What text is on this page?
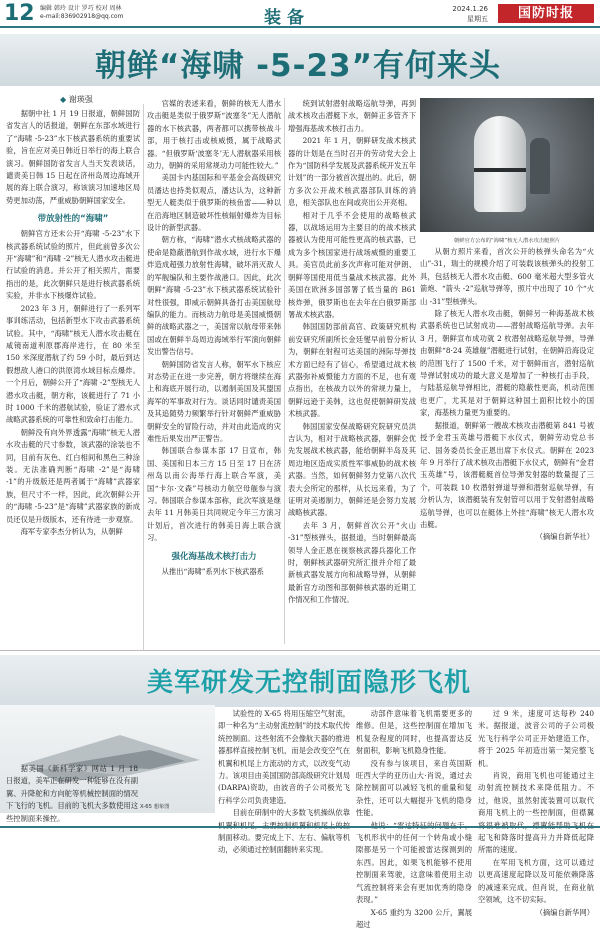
12 编辑 韩玲 设计 罗巧 校对 周林
e-mail:836902918@qq.com	装备	2024.1.26
星期五	国防时报
朝鲜“海啸 -5-23”有何来头
◆ 谢瑛强

据朝中社 1 月 19 日报道，朝鲜国防省发言人的话报道，朝鲜在东部水域进行了“海啸 -5-23”水下核武器系统的重要试验，旨在应对美日韩近日举行的海上联合演习。朝鲜国防省发言人当天发表谈话，谴责美日韩 15 日起在济州岛周边海域开展的海上联合演习，称该演习加速地区局势更加动荡，严重威胁朝鲜国家安全。

带放射性的“海啸”

朝鲜官方还未公开“海啸 -5-23”水下核武器系统试验的照片，但此前曾多次公开“海啸”和“海啸 -2”核无人潜水攻击艇进行试验的消息。并公开了相关照片，需要指出的是，此次朝鲜只是进行核武器系统实验，并非水下核爆炸试验。

2023 年 3 月，朝鲜进行了一系列军事训练活动，包括新型水下攻击武器系统试验。其中，“海啸”核无人潜水攻击艇在咸镜南道利原郡海岸进行，在 80 米至 150 米深度潜航了约 59 小时，最后到达假想敌人港口的洪原湾水域目标点爆炸。一个月后，朝鲜公开了“海啸 -2”型核无人潜水攻击艇，朝方称，该艇进行了 71 小时 1000 千米的潜航试验，验证了潜水式战略武器系统的可靠性和致命打击能力。

朝鲜没有向外界透露“海啸”核无人潜水攻击艇的尺寸参数，该武器的涂装也不同，目前有灰色、红白相间和黑色三种涂装。无法准确判断“海啸 -2”是“海啸 -1”的升级版还是两者属于“海啸”武器家族，但尺寸不一样，因此，此次朝鲜公开的“海啸 -5-23”是“海啸”武器家族的新成员还仅是升级版本，还有待进一步观察。

海军专家李杰分析认为，从朝鲜

官媒的表述来看，朝鲜的核无人潜水攻击艇是类似于俄罗斯“波塞冬”无人潜航器的水下核武器，两者都可以携带核战斗部，用于核打击或核威慑，属于战略武器。“但俄罗斯‘波塞冬’无人潜航器采用核动力，朝鲜的采用常规动力可能性较大。”

美国卡内基国际和平基金会高级研究员潘达也持类似观点，潘达认为，这种新型无人艇类似于俄罗斯的核鱼雷——种以在沿海地区制造破坏性核辐射爆炸为目标设计的新型武器。

朝方称，“海啸”潜水式核战略武器的使命是隐蔽潜航到作战水域，进行水下爆炸造成超强力放射性海啸，破坏消灭敌人的军舰编队和主要作战港口。因此，此次朝鲜“海啸 -5-23”水下核武器系统试验针对性很强，即威示朝鲜具备打击美国航母编队的能力。而核动力航母是美国威慑朝鲜的战略武器之一，美国常以航母带来韩国或在朝鲜半岛周边海域举行军演向朝鲜发出警告信号。

朝鲜国防省发言人称，朝军水下核应对态势正在进一步完善，朝方将继续在海上和海底开展行动，以遏制美国及其盟国海军的军事敌对行为。谈话同时谴责美国及其追随势力频繁举行针对朝鲜严重威胁朝鲜安全的冒险行动，并对由此造成的灾难性后果发出严正警告。

韩国联合参谋本部 17 日宣布，韩国、美国和日本三方 15 日至 17 日在济州岛以南公海举行海上联合军演，美国“卡尔·文森”号核动力航空母舰参与演习。韩国联合参谋本部称，此次军演是继去年 11 月韩美日共同规定今年三方演习计划后，首次进行的韩美日海上联合演习。

强化海基战术核打击力

从推出“海啸”系列水下核武器系

统到试射潜射战略巡航导弹，再到战术核攻击潜艇下水，朝鲜正多管齐下增强海基战术核打击力。

2021 年 1 月，朝鲜研发战术核武器的计划是在当时召开的劳动党大会上作为“国防科学发展及武器系统开发五年计划”的一部分被首次提出的。此后，朝方多次公开战术核武器部队训练的消息，相关部队也在间或亮出公开亮相。

相对于几乎不会使用的战略核武器，以战场运用为主要目的的战术核武器被认为使用可能性更高的核武器，已成为多个核国家进行战场威慑的重要工具。美官员此前多次声称可能对伊朗、朝鲜等国使用低当量战术核武器。此外美国在欧洲多国部署了低当量的 B61 核炸弹，俄罗斯也在去年在白俄罗斯部署战术核武器。

韩国国防部前高官、政策研究机构前安研究所副所长金廷燮早前曾分析认为，朝鲜在射程可达美国的洲际导弹技术方面已经有了信心，希望通过战术核武器弥补威慑能力方面的不足，也有观点指出，在核战力以外的常规力量上，朝鲜远逊于美韩，这也促使朝鲜研发战术核武器。

韩国国家安保战略研究院研究员洪吉认为，相对于战略核武器，朝鲜会优先发展战术核武器，能给朝鲜半岛及其周边地区造成实质性军事威胁的战术核武器。当然，如何朝鲜努力党第八次代表大会所定的那样，从长远来看，为了证明对美遏制力，朝鲜还是会努力发展战略核武器。

去年 3 月，朝鲜首次公开“火山 -31”型核弹头，据报道，当时朝鲜最高领导人金正恩在视察核武器兵器化工作时，朝鲜核武器研究所汇报并介绍了最新核武器发展方向和战略导弹，从朝鲜最新官方动图和部朝鲜核武器的近期工作情况和工作情况。

朝鲜官方公布的“海啸”核无人潜水攻击艇照片

从朝方照片来看，首次公开的核弹头命名为“火山”-31，瑞士的规模介绍了可装载该核弹头的投射工具，包括核无人潜水攻击艇、600 毫米超大型多管火箭炮、“箭头 -2”巡航导弹等，照片中出现了 10 个“火山 -31”型核弹头。

除了核无人潜水攻击艇，朝鲜另一种海基战术核武器系统也已试射成功——潜射战略巡航导弹。去年 3 月，朝鲜宣布成功就 2 枚潜射战略巡航导弹，导弹由朝鲜“8·24 英雄舰”潜艇进行试射，在朝鲜沿海设定的范围飞行了 1500 千米，对于朝鲜而言，潜射巡航导弹试射成功的最大意义是增加了一种核打击手段，与陆基巡航导弹相比，潜艇的隐蔽性更高，机动范围也更广，尤其是对于朝鲜这种国土面积比较小的国家，海基核力量更为重要的。

据报道，朝鲜第一艘战术核攻击潜艇第 841 号被授予金君玉英雄号潜艇下水仪式，朝鲜劳动党总书记、国务委员长金正恩出席下水仪式。朝鲜在 2023 年 9 月举行了战术核攻击潜艇下水仪式，朝鲜有“金君玉英雄”号，该潜艇艇首位导弹发射器的数量提了三个，可装载 10 枚潜射弹道导弹和潜射巡航导弹，有分析认为，该潜艇装有发射管可以用于发射潜射战略巡航导弹，也可以在艇体上外挂“海啸”核无人潜水攻击艇。

（摘编自新华社）
美军研发无控制面隐形飞机
X-65 想象图

据美国《新科学家》网站 1 月 18 日报道，美军正在研发一种能够在没有副翼、升降舵和方向舵等机械控制面的情况下飞行的飞机。目前的飞机大多数使用这些控制面来操控。

试验性的 X-65 将用压缩空气射流，即一种名为“主动射流控制”的技术取代传统控制面。这些射流不会像航天器的推进器那样直接控制飞机，而是会改变空气在机翼和机尾上方流动的方式，以改变气动力。该项目由美国国防部高级研究计划局(DARPA)资助，由波音的子公司极光飞行科学公司负责建造。

目前在研制中的大多数飞机操纵依靠 制面移动。要完成上下、左右、偏航等机动，必须通过控制面翻转来实现。

动部件意味着飞机需要更多的维修。但是，这些控制面在增加飞机复杂程度的同时，也提高雷达反射面积，影响飞机隐身性能。

没有参与该项目，来自英国斯旺西大学的亚历山大·肖说，通过去除控制面可以减轻飞机的重量和复杂性，还可以大幅提升飞机的隐身性能。

飞机形状中的任何一个转角或小缝隙都是另一个可能被雷达探测到的东西。因此，如果飞机能够不使用控制面来驾驶，这意味着使用主动气流控制将来会有更加优秀的隐身表现。”

X-65 重约为 3200 公斤，翼展超过

过 9 米，速度可达每秒 240 米。据报道，波音公司的子公司极光飞行科学公司正开始建造工作，将于 2025 年初造出第一架完整飞机。

肖说，商用飞机也可能通过主动射流控制技术来降低阻力。不过，他说，虽然射流装置可以取代商用飞机上的一些控制面，但襟翼 起飞和降落时提高升力并降低起降所需的速度。

在军用飞机方面，这可以通过以更高速度起降以及可能依赖降落的减速来完成。但肖说，在商业航空领域，这不切实际。

（摘编自新华网）
